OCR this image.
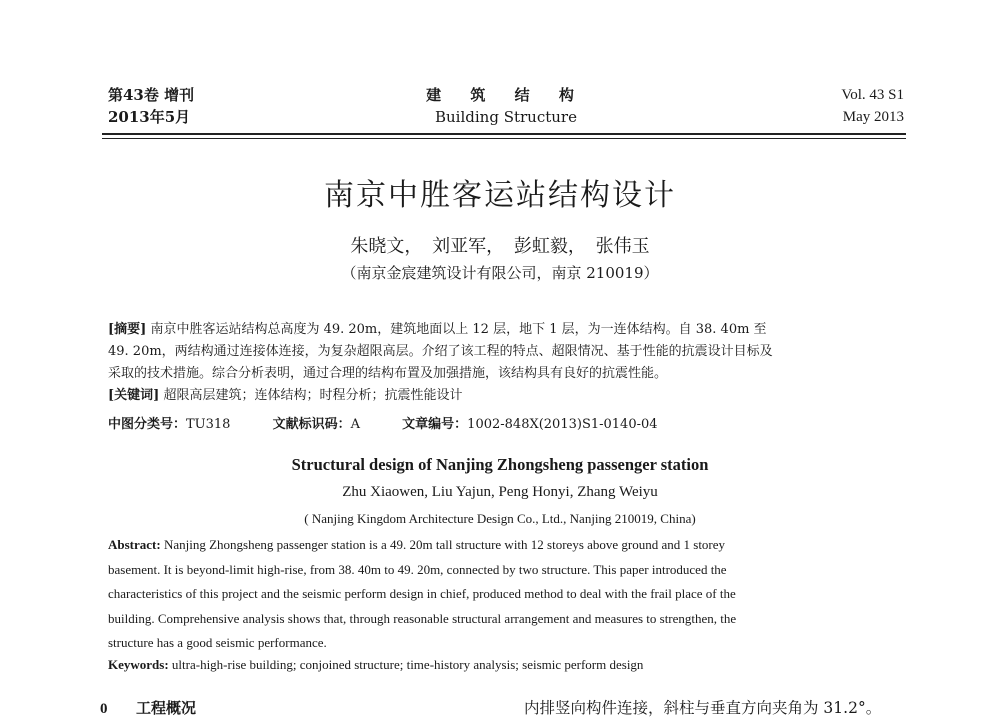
第43卷 增刊
2013年5月
建 筑 结 构
Building Structure
Vol. 43 S1
May 2013
南京中胜客运站结构设计
朱晓文， 刘亚军， 彭虹毅， 张伟玉
（南京金宸建筑设计有限公司，南京 210019）
[摘要] 南京中胜客运站结构总高度为 49. 20m，建筑地面以上 12 层，地下 1 层，为一连体结构。自 38. 40m 至
49. 20m，两结构通过连接体连接，为复杂超限高层。介绍了该工程的特点、超限情况、基于性能的抗震设计目标及
采取的技术措施。综合分析表明，通过合理的结构布置及加强措施，该结构具有良好的抗震性能。
[关键词] 超限高层建筑；连体结构；时程分析；抗震性能设计
中图分类号：TU318	文献标识码：A	文章编号：1002-848X(2013)S1-0140-04
Structural design of Nanjing Zhongsheng passenger station
Zhu Xiaowen, Liu Yajun, Peng Honyi, Zhang Weiyu
( Nanjing Kingdom Architecture Design Co., Ltd., Nanjing 210019, China)
Abstract: Nanjing Zhongsheng passenger station is a 49. 20m tall structure with 12 storeys above ground and 1 storey
basement. It is beyond-limit high-rise, from 38. 40m to 49. 20m, connected by two structure. This paper introduced the
characteristics of this project and the seismic perform design in chief, produced method to deal with the frail place of the
building. Comprehensive analysis shows that, through reasonable structural arrangement and measures to strengthen, the
structure has a good seismic performance.
Keywords: ultra-high-rise building; conjoined structure; time-history analysis; seismic perform design
0 工程概况	内排竖向构件连接，斜柱与垂直方向夹角为 31.2°。
